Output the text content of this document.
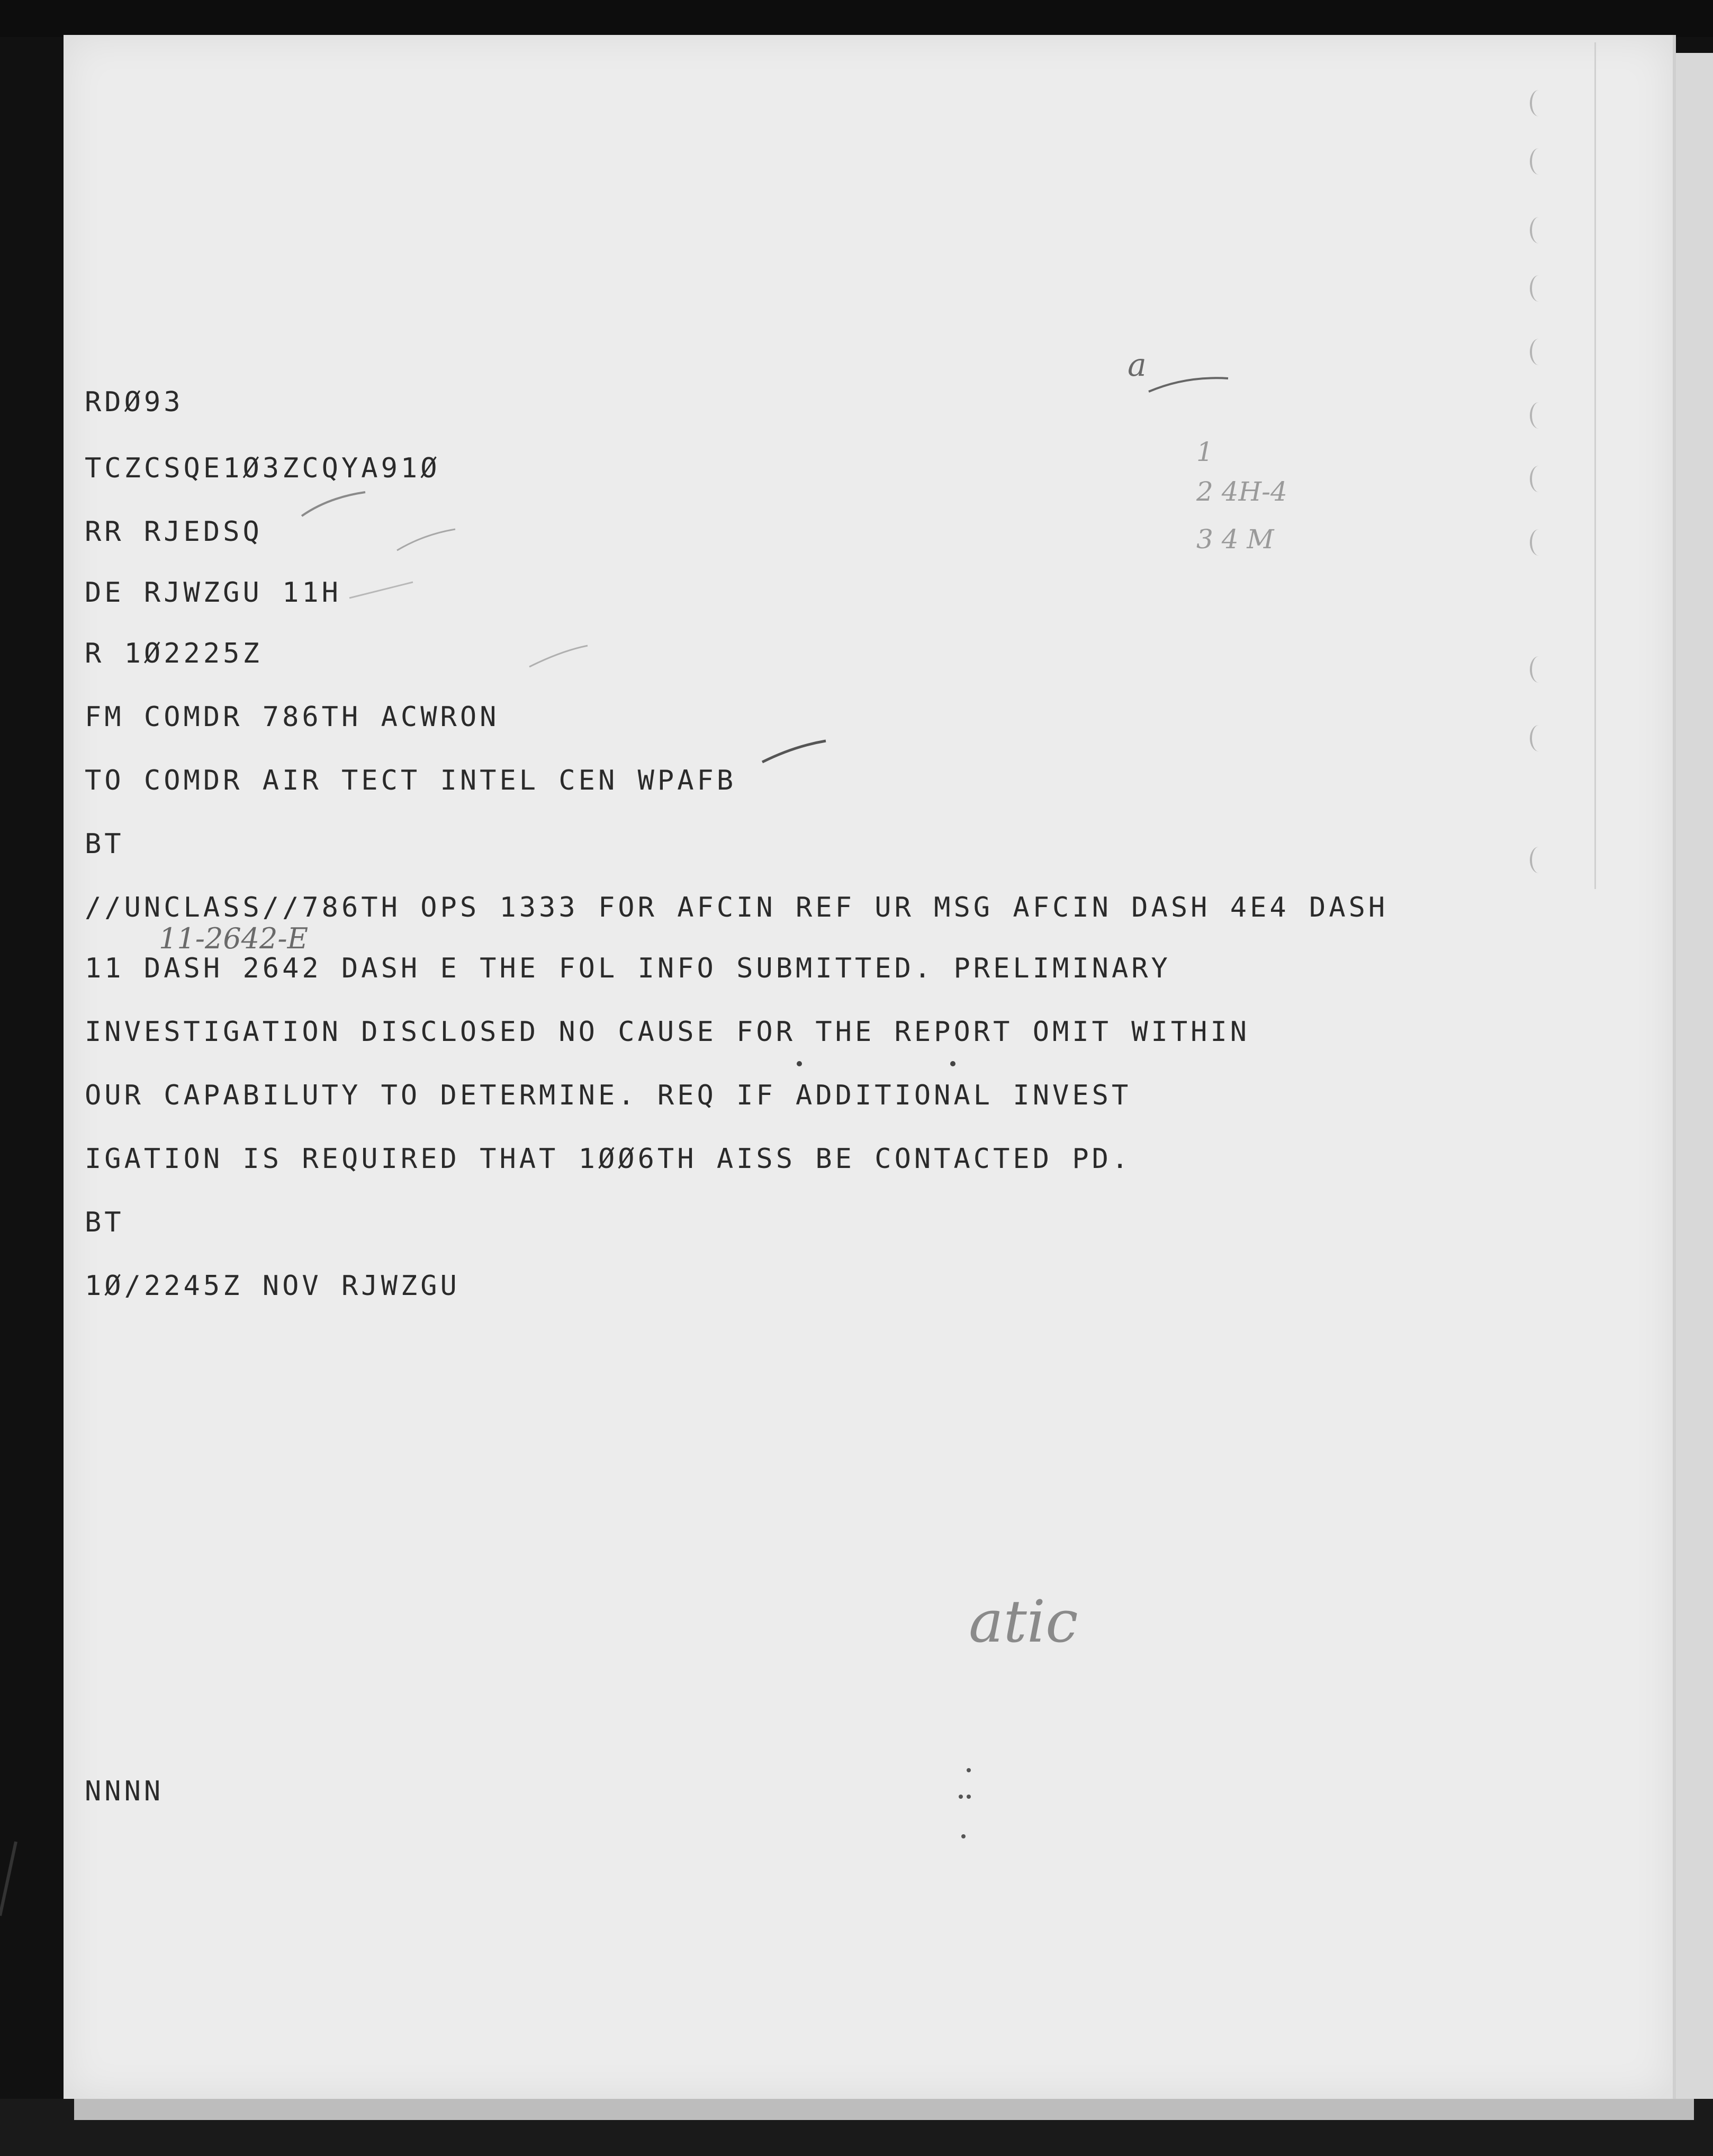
RDØ93
TCZCSQE1Ø3ZCQYA91Ø
RR RJEDSQ
DE RJWZGU 11H
R 1Ø2225Z
FM COMDR 786TH ACWRON
TO COMDR AIR TECT INTEL CEN WPAFB
BT
//UNCLASS//786TH OPS 1333 FOR AFCIN REF UR MSG AFCIN DASH 4E4 DASH
11 DASH 2642 DASH E THE FOL INFO SUBMITTED. PRELIMINARY
INVESTIGATION DISCLOSED NO CAUSE FOR THE REPORT OMIT WITHIN
OUR CAPABILUTY TO DETERMINE. REQ IF ADDITIONAL INVEST
IGATION IS REQUIRED THAT 1ØØ6TH AISS BE CONTACTED PD.
BT
1Ø/2245Z NOV RJWZGU
NNNN
11-2642-E
a
1
2 4H-4
3 4 M
atic
